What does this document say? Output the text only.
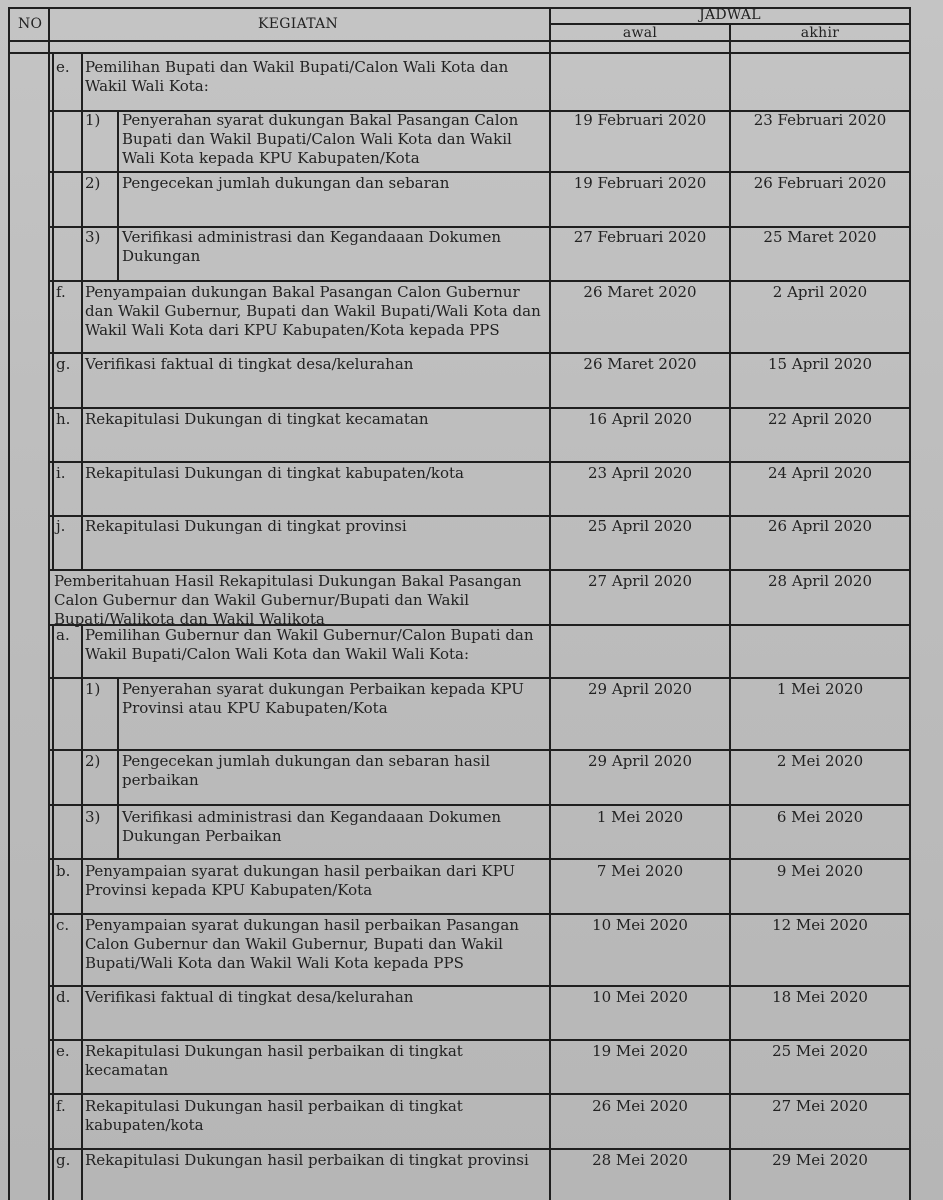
NO	KEGIATAN
JADWAL
awal	akhir
e. Pemilihan Bupati dan Wakil Bupati/Calon Wali Kota dan
Wakil Wali Kota:
1) Penyerahan syarat dukungan Bakal Pasangan Calon
Bupati dan Wakil Bupati/Calon Wali Kota dan Wakil
Wali Kota kepada KPU Kabupaten/Kota
19 Februari 2020	23 Februari 2020
2) Pengecekan jumlah dukungan dan sebaran	19 Februari 2020	26 Februari 2020
3) Verifikasi administrasi dan Kegandaaan Dokumen
Dukungan
27 Februari 2020	25 Maret 2020
f. Penyampaian dukungan Bakal Pasangan Calon Gubernur
dan Wakil Gubernur, Bupati dan Wakil Bupati/Wali Kota dan
Wakil Wali Kota dari KPU Kabupaten/Kota kepada PPS
26 Maret 2020	2 April 2020
g. Verifikasi faktual di tingkat desa/kelurahan	26 Maret 2020	15 April 2020
h. Rekapitulasi Dukungan di tingkat kecamatan	16 April 2020	22 April 2020
i. Rekapitulasi Dukungan di tingkat kabupaten/kota	23 April 2020	24 April 2020
j. Rekapitulasi Dukungan di tingkat provinsi	25 April 2020	26 April 2020
Pemberitahuan Hasil Rekapitulasi Dukungan Bakal Pasangan
Calon Gubernur dan Wakil Gubernur/Bupati dan Wakil
Bupati/Walikota dan Wakil Walikota
27 April 2020	28 April 2020
a. Pemilihan Gubernur dan Wakil Gubernur/Calon Bupati dan
Wakil Bupati/Calon Wali Kota dan Wakil Wali Kota:
1) Penyerahan syarat dukungan Perbaikan kepada KPU
Provinsi atau KPU Kabupaten/Kota
29 April 2020	1 Mei 2020
2) Pengecekan jumlah dukungan dan sebaran hasil
perbaikan
29 April 2020	2 Mei 2020
3) Verifikasi administrasi dan Kegandaaan Dokumen
Dukungan Perbaikan
1 Mei 2020	6 Mei 2020
b. Penyampaian syarat dukungan hasil perbaikan dari KPU
Provinsi kepada KPU Kabupaten/Kota
7 Mei 2020	9 Mei 2020
c. Penyampaian syarat dukungan hasil perbaikan Pasangan
Calon Gubernur dan Wakil Gubernur, Bupati dan Wakil
Bupati/Wali Kota dan Wakil Wali Kota kepada PPS
10 Mei 2020	12 Mei 2020
d. Verifikasi faktual di tingkat desa/kelurahan	10 Mei 2020	18 Mei 2020
e. Rekapitulasi Dukungan hasil perbaikan di tingkat kecamatan
19 Mei 2020	25 Mei 2020
f. Rekapitulasi Dukungan hasil perbaikan di tingkat
kabupaten/kota
26 Mei 2020	27 Mei 2020
g. Rekapitulasi Dukungan hasil perbaikan di tingkat provinsi	28 Mei 2020	29 Mei 2020
